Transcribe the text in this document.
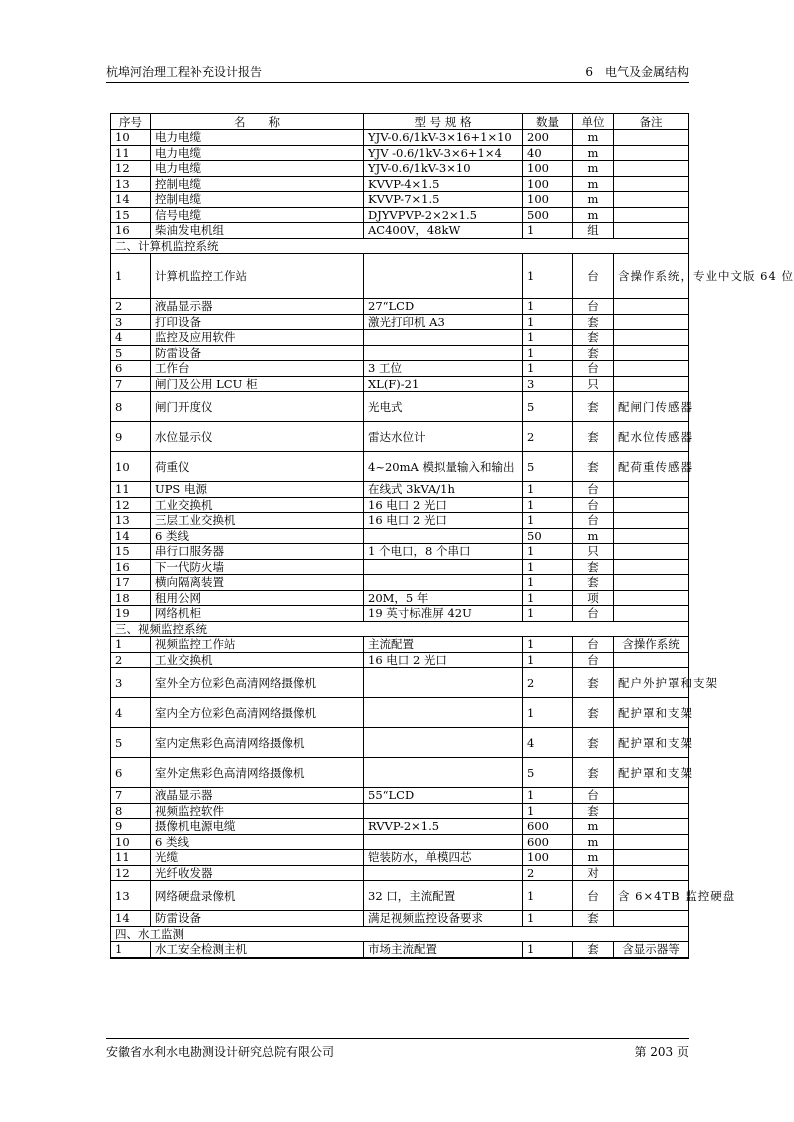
杭埠河治理工程补充设计报告	6　电气及金属结构
序号	名　　称	型 号 规 格	数量	单位	备注
10	电力电缆	YJV-0.6/1kV-3×16+1×10	200	m	
11	电力电缆	YJV -0.6/1kV-3×6+1×4	40	m	
12	电力电缆	YJV-0.6/1kV-3×10	100	m	
13	控制电缆	KVVP-4×1.5	100	m	
14	控制电缆	KVVP-7×1.5	100	m	
15	信号电缆	DJYVPVP-2×2×1.5	500	m	
16	柴油发电机组	AC400V，48kW	1	组	
二、计算机监控系统					
1	计算机监控工作站		1	台	含操作系统，专业中文版 64 位
2	液晶显示器	27“LCD	1	台	
3	打印设备	激光打印机 A3	1	套	
4	监控及应用软件		1	套	
5	防雷设备		1	套	
6	工作台	3 工位	1	台	
7	闸门及公用 LCU 柜	XL(F)-21	3	只	
8	闸门开度仪	光电式	5	套	配闸门传感器
9	水位显示仪	雷达水位计	2	套	配水位传感器
10	荷重仪	4~20mA 模拟量输入和输出	5	套	配荷重传感器
11	UPS 电源	在线式 3kVA/1h	1	台	
12	工业交换机	16 电口 2 光口	1	台	
13	三层工业交换机	16 电口 2 光口	1	台	
14	6 类线		50	m	
15	串行口服务器	1 个电口，8 个串口	1	只	
16	下一代防火墙		1	套	
17	横向隔离装置		1	套	
18	租用公网	20M，5 年	1	项	
19	网络机柜	19 英寸标准屏 42U	1	台	
三、视频监控系统					
1	视频监控工作站	主流配置	1	台	含操作系统
2	工业交换机	16 电口 2 光口	1	台	
3	室外全方位彩色高清网络摄像机		2	套	配户外护罩和支架
4	室内全方位彩色高清网络摄像机		1	套	配护罩和支架
5	室内定焦彩色高清网络摄像机		4	套	配护罩和支架
6	室外定焦彩色高清网络摄像机		5	套	配护罩和支架
7	液晶显示器	55“LCD	1	台	
8	视频监控软件		1	套	
9	摄像机电源电缆	RVVP-2×1.5	600	m	
10	6 类线		600	m	
11	光缆	铠装防水，单模四芯	100	m	
12	光纤收发器		2	对	
13	网络硬盘录像机	32 口，主流配置	1	台	含 6×4TB 监控硬盘
14	防雷设备	满足视频监控设备要求	1	套	
四、水工监测					
1	水工安全检测主机	市场主流配置	1	套	含显示器等
安徽省水利水电勘测设计研究总院有限公司	第 203 页
